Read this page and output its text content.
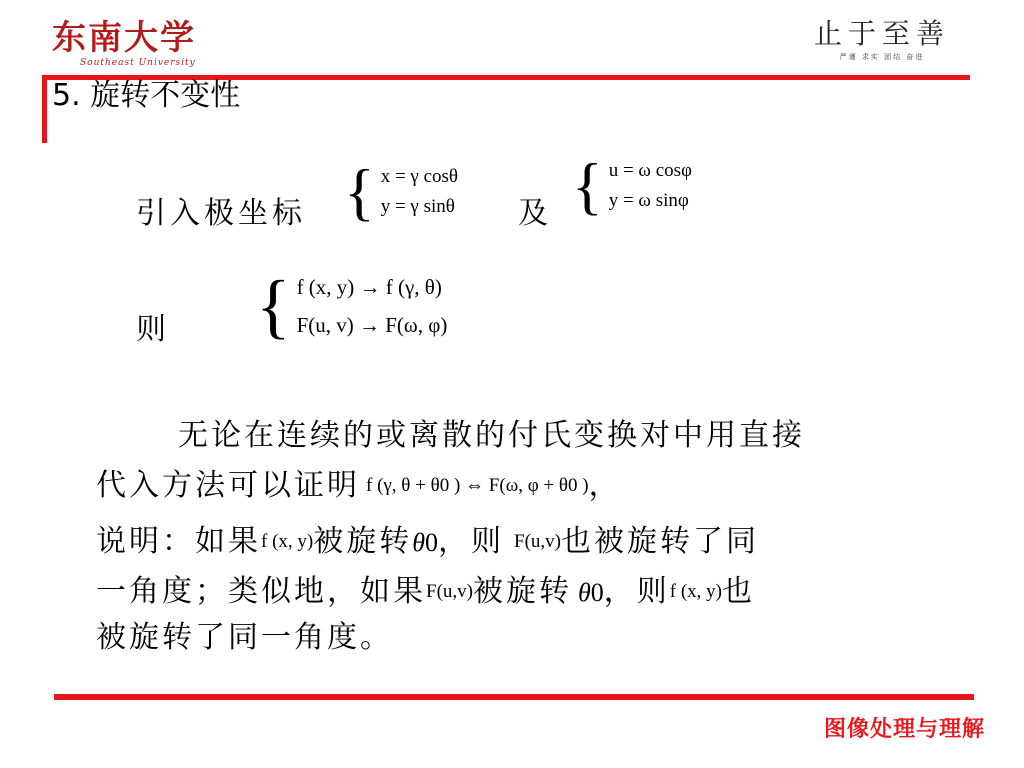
东南大学
Southeast University
止于至善
严谨 求实 团结 奋进
5. 旋转不变性
引入极坐标 { x = γ cosθ
y = γ sinθ 及 { u = ω cosφ
y = ω sinφ
则 { f (x, y) → f (γ, θ)
F(u, v) → F(ω, φ)
无论在连续的或离散的付氏变换对中用直接
代入方法可以证明 f (γ, θ + θ0 ) ⇔ F(ω, φ + θ0 )，
说明：如果f (x, y)被旋转θ0，则 F(u,v)也被旋转了同
一角度；类似地，如果F(u,v)被旋转 θ0，则f (x, y)也
被旋转了同一角度。
图像处理与理解
